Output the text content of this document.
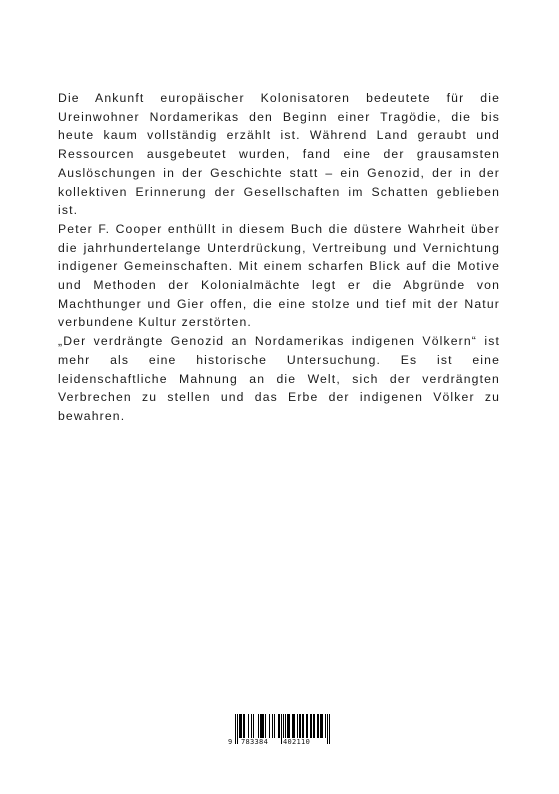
Die Ankunft europäischer Kolonisatoren bedeutete für die Ureinwohner Nordamerikas den Beginn einer Tragödie, die bis heute kaum vollständig erzählt ist. Während Land geraubt und Ressourcen ausgebeutet wurden, fand eine der grausamsten Auslöschungen in der Geschichte statt – ein Genozid, der in der kollektiven Erinnerung der Gesellschaften im Schatten geblieben ist.

Peter F. Cooper enthüllt in diesem Buch die düstere Wahrheit über die jahrhundertelange Unterdrückung, Vertreibung und Vernichtung indigener Gemeinschaften. Mit einem scharfen Blick auf die Motive und Methoden der Kolonialmächte legt er die Abgründe von Machthunger und Gier offen, die eine stolze und tief mit der Natur verbundene Kultur zerstörten.

„Der verdrängte Genozid an Nordamerikas indigenen Völkern“ ist mehr als eine historische Untersuchung. Es ist eine leidenschaftliche Mahnung an die Welt, sich der verdrängten Verbrechen zu stellen und das Erbe der indigenen Völker zu bewahren.

9 783384 402110
